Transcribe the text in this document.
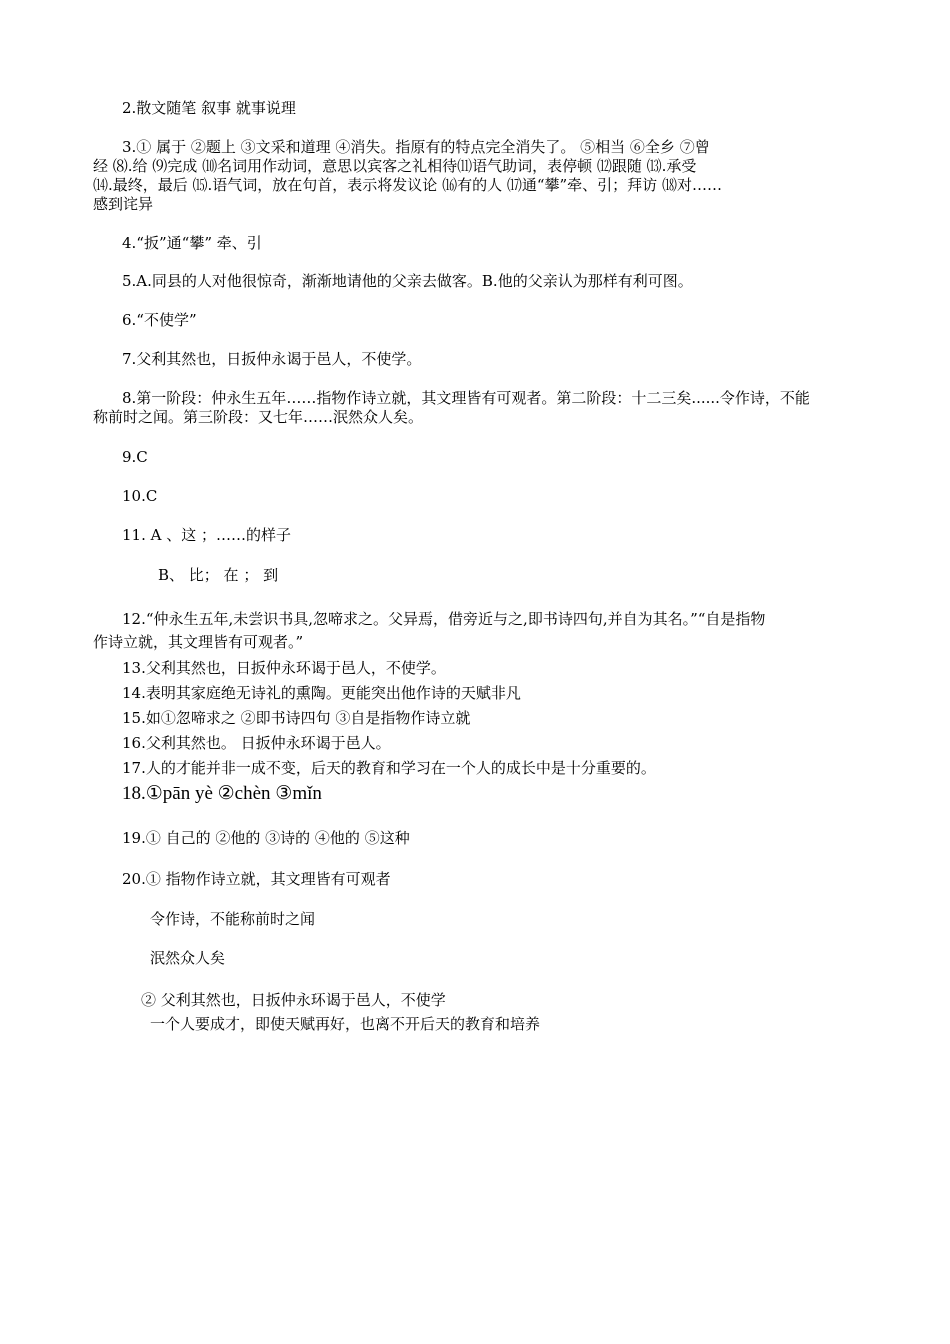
2.散文随笔 叙事 就事说理
3.① 属于 ②题上 ③文采和道理 ④消失。指原有的特点完全消失了。 ⑤相当 ⑥全乡 ⑦曾
经 ⑻.给 ⑼完成 ⑽名词用作动词，意思以宾客之礼相待⑾语气助词，表停顿 ⑿跟随 ⒀.承受
⒁.最终，最后 ⒂.语气词，放在句首，表示将发议论 ⒃有的人 ⒄通“攀”牵、引；拜访 ⒅对……
感到诧异
4.“扳”通“攀” 牵、引
5.A.同县的人对他很惊奇，渐渐地请他的父亲去做客。B.他的父亲认为那样有利可图。
6.“不使学”
7.父利其然也，日扳仲永谒于邑人，不使学。
8.第一阶段：仲永生五年……指物作诗立就，其文理皆有可观者。第二阶段：十二三矣......令作诗，不能
称前时之闻。第三阶段：又七年……泯然众人矣。
9.C
10.C
11. A 、这 ；……的样子
B、 比； 在 ； 到
12.“仲永生五年,未尝识书具,忽啼求之。父异焉，借旁近与之,即书诗四句,并自为其名。”“自是指物
作诗立就，其文理皆有可观者。”
13.父利其然也，日扳仲永环谒于邑人，不使学。
14.表明其家庭绝无诗礼的熏陶。更能突出他作诗的天赋非凡
15.如①忽啼求之 ②即书诗四句 ③自是指物作诗立就
16.父利其然也。 日扳仲永环谒于邑人。
17.人的才能并非一成不变，后天的教育和学习在一个人的成长中是十分重要的。
18.①pān yè ②chèn ③mǐn
19.① 自己的 ②他的 ③诗的 ④他的 ⑤这种
20.① 指物作诗立就，其文理皆有可观者
令作诗，不能称前时之闻
泯然众人矣
② 父利其然也，日扳仲永环谒于邑人，不使学
一个人要成才，即使天赋再好，也离不开后天的教育和培养
